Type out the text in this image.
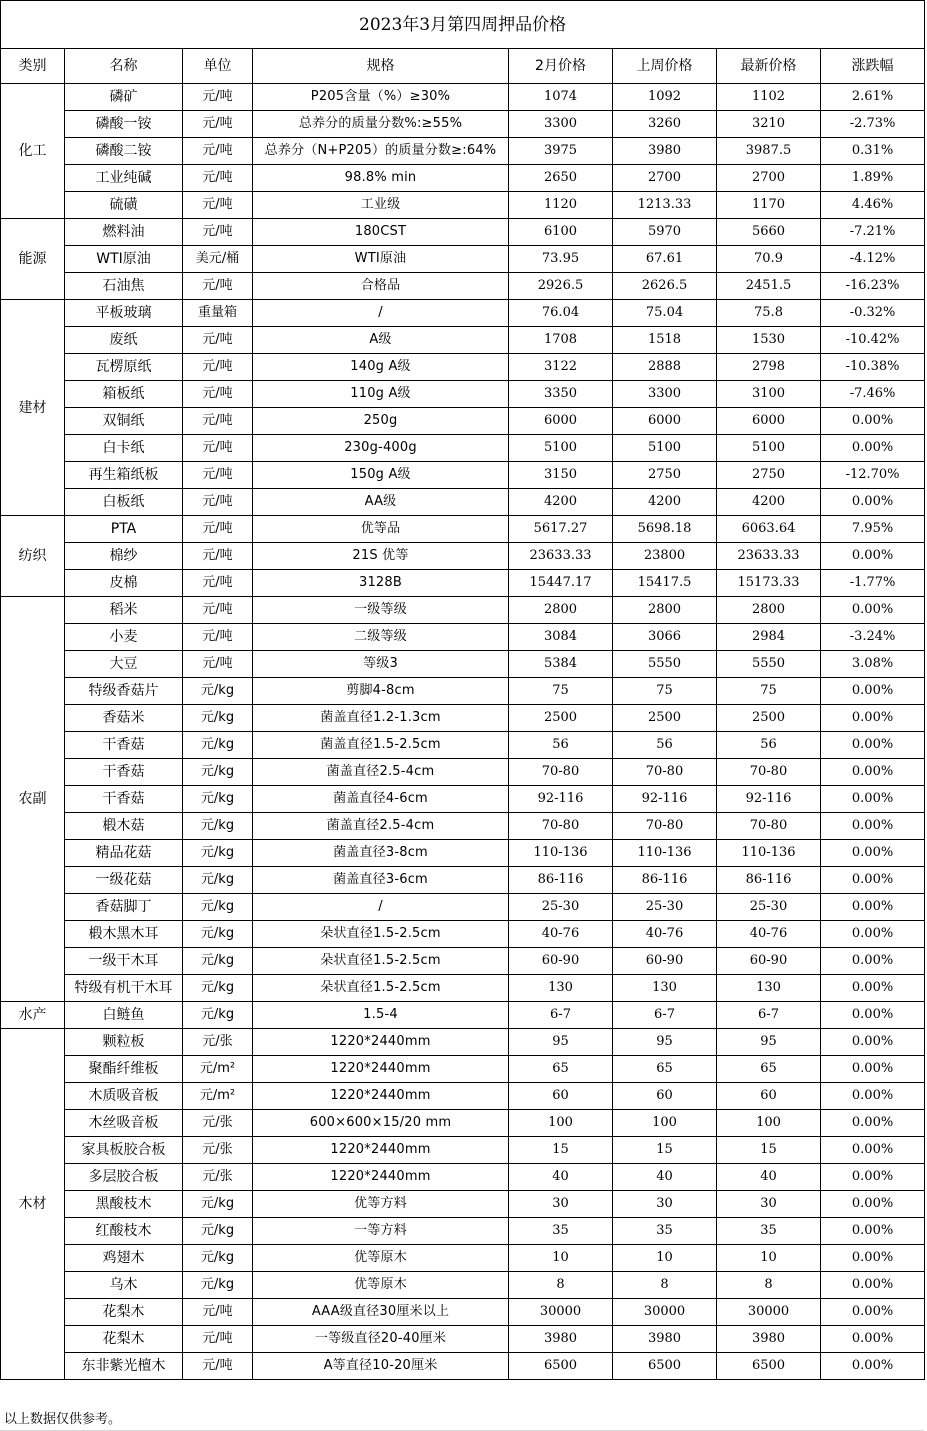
2023年3月第四周押品价格							
类别	名称	单位	规格	2月价格	上周价格	最新价格	涨跌幅
化工	磷矿	元/吨	P205含量（%）≥30%	1074	1092	1102	2.61%
	磷酸一铵	元/吨	总养分的质量分数%:≥55%	3300	3260	3210	-2.73%
	磷酸二铵	元/吨	总养分（N+P205）的质量分数≥:64%	3975	3980	3987.5	0.31%
	工业纯碱	元/吨	98.8% min	2650	2700	2700	1.89%
	硫磺	元/吨	工业级	1120	1213.33	1170	4.46%
能源	燃料油	元/吨	180CST	6100	5970	5660	-7.21%
	WTI原油	美元/桶	WTI原油	73.95	67.61	70.9	-4.12%
	石油焦	元/吨	合格品	2926.5	2626.5	2451.5	-16.23%
建材	平板玻璃	重量箱	/	76.04	75.04	75.8	-0.32%
	废纸	元/吨	A级	1708	1518	1530	-10.42%
	瓦楞原纸	元/吨	140g A级	3122	2888	2798	-10.38%
	箱板纸	元/吨	110g A级	3350	3300	3100	-7.46%
	双铜纸	元/吨	250g	6000	6000	6000	0.00%
	白卡纸	元/吨	230g-400g	5100	5100	5100	0.00%
	再生箱纸板	元/吨	150g A级	3150	2750	2750	-12.70%
	白板纸	元/吨	AA级	4200	4200	4200	0.00%
纺织	PTA	元/吨	优等品	5617.27	5698.18	6063.64	7.95%
	棉纱	元/吨	21S 优等	23633.33	23800	23633.33	0.00%
	皮棉	元/吨	3128B	15447.17	15417.5	15173.33	-1.77%
农副	稻米	元/吨	一级等级	2800	2800	2800	0.00%
	小麦	元/吨	二级等级	3084	3066	2984	-3.24%
	大豆	元/吨	等级3	5384	5550	5550	3.08%
	特级香菇片	元/kg	剪脚4-8cm	75	75	75	0.00%
	香菇米	元/kg	菌盖直径1.2-1.3cm	2500	2500	2500	0.00%
	干香菇	元/kg	菌盖直径1.5-2.5cm	56	56	56	0.00%
	干香菇	元/kg	菌盖直径2.5-4cm	70-80	70-80	70-80	0.00%
	干香菇	元/kg	菌盖直径4-6cm	92-116	92-116	92-116	0.00%
	椴木菇	元/kg	菌盖直径2.5-4cm	70-80	70-80	70-80	0.00%
	精品花菇	元/kg	菌盖直径3-8cm	110-136	110-136	110-136	0.00%
	一级花菇	元/kg	菌盖直径3-6cm	86-116	86-116	86-116	0.00%
	香菇脚丁	元/kg	/	25-30	25-30	25-30	0.00%
	椴木黑木耳	元/kg	朵状直径1.5-2.5cm	40-76	40-76	40-76	0.00%
	一级干木耳	元/kg	朵状直径1.5-2.5cm	60-90	60-90	60-90	0.00%
	特级有机干木耳	元/kg	朵状直径1.5-2.5cm	130	130	130	0.00%
水产	白鲢鱼	元/kg	1.5-4	6-7	6-7	6-7	0.00%
木材	颗粒板	元/张	1220*2440mm	95	95	95	0.00%
	聚酯纤维板	元/m²	1220*2440mm	65	65	65	0.00%
	木质吸音板	元/m²	1220*2440mm	60	60	60	0.00%
	木丝吸音板	元/张	600×600×15/20 mm	100	100	100	0.00%
	家具板胶合板	元/张	1220*2440mm	15	15	15	0.00%
	多层胶合板	元/张	1220*2440mm	40	40	40	0.00%
	黑酸枝木	元/kg	优等方料	30	30	30	0.00%
	红酸枝木	元/kg	一等方料	35	35	35	0.00%
	鸡翅木	元/kg	优等原木	10	10	10	0.00%
	乌木	元/kg	优等原木	8	8	8	0.00%
	花梨木	元/吨	AAA级直径30厘米以上	30000	30000	30000	0.00%
	花梨木	元/吨	一等级直径20-40厘米	3980	3980	3980	0.00%
	东非紫光檀木	元/吨	A等直径10-20厘米	6500	6500	6500	0.00%
以上数据仅供参考。
